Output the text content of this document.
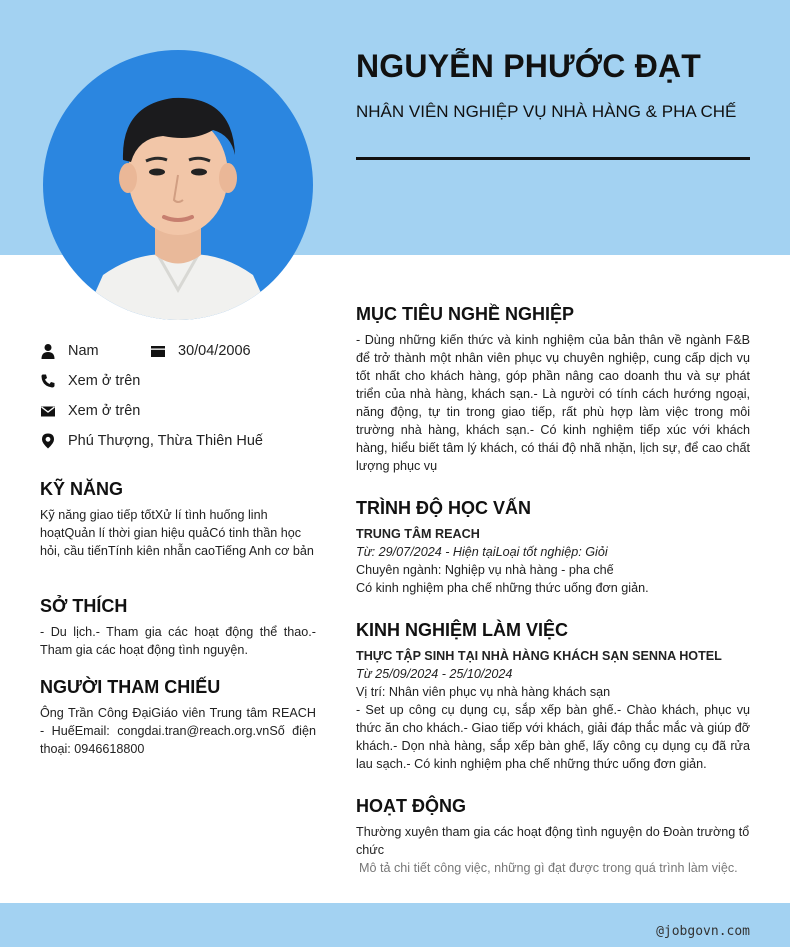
NGUYỄN PHƯỚC ĐẠT
NHÂN VIÊN NGHIỆP VỤ NHÀ HÀNG & PHA CHẾ
Nam	30/04/2006
Xem ở trên
Xem ở trên
Phú Thượng, Thừa Thiên Huế
KỸ NĂNG
Kỹ năng giao tiếp tốtXử lí tình huống linh hoạtQuản lí thời gian hiệu quảCó tinh thần học hỏi, cầu tiếnTính kiên nhẫn caoTiếng Anh cơ bản
SỞ THÍCH
- Du lịch.- Tham gia các hoạt động thể thao.- Tham gia các hoạt động tình nguyện.
NGƯỜI THAM CHIẾU
Ông Trần Công ĐạiGiáo viên Trung tâm REACH - HuếEmail: congdai.tran@reach.org.vnSố điện thoại: 0946618800
MỤC TIÊU NGHỀ NGHIỆP
- Dùng những kiến thức và kinh nghiệm của bản thân về ngành F&B để trở thành một nhân viên phục vụ chuyên nghiệp, cung cấp dịch vụ tốt nhất cho khách hàng, góp phần nâng cao doanh thu và sự phát triển của nhà hàng, khách sạn.- Là người có tính cách hướng ngoại, năng động, tự tin trong giao tiếp, rất phù hợp làm việc trong môi trường nhà hàng, khách sạn.- Có kinh nghiệm tiếp xúc với khách hàng, hiểu biết tâm lý khách, có thái độ nhã nhặn, lịch sự, để cao chất lượng phục vụ
TRÌNH ĐỘ HỌC VẤN
TRUNG TÂM REACH
Từ: 29/07/2024 - Hiện tạiLoại tốt nghiệp: Giỏi
Chuyên ngành: Nghiệp vụ nhà hàng - pha chế
Có kinh nghiệm pha chế những thức uống đơn giản.
KINH NGHIỆM LÀM VIỆC
THỰC TẬP SINH TẠI NHÀ HÀNG KHÁCH SẠN SENNA HOTEL
Từ 25/09/2024 - 25/10/2024
Vị trí: Nhân viên phục vụ nhà hàng khách sạn
- Set up công cụ dụng cụ, sắp xếp bàn ghế.- Chào khách, phục vụ thức ăn cho khách.- Giao tiếp với khách, giải đáp thắc mắc và giúp đỡ khách.- Dọn nhà hàng, sắp xếp bàn ghế, lấy công cụ dụng cụ đã rửa lau sạch.- Có kinh nghiệm pha chế những thức uống đơn giản.
HOẠT ĐỘNG
Thường xuyên tham gia các hoạt động tình nguyện do Đoàn trường tổ chức
Mô tả chi tiết công việc, những gì đạt được trong quá trình làm việc.
@jobgovn.com
